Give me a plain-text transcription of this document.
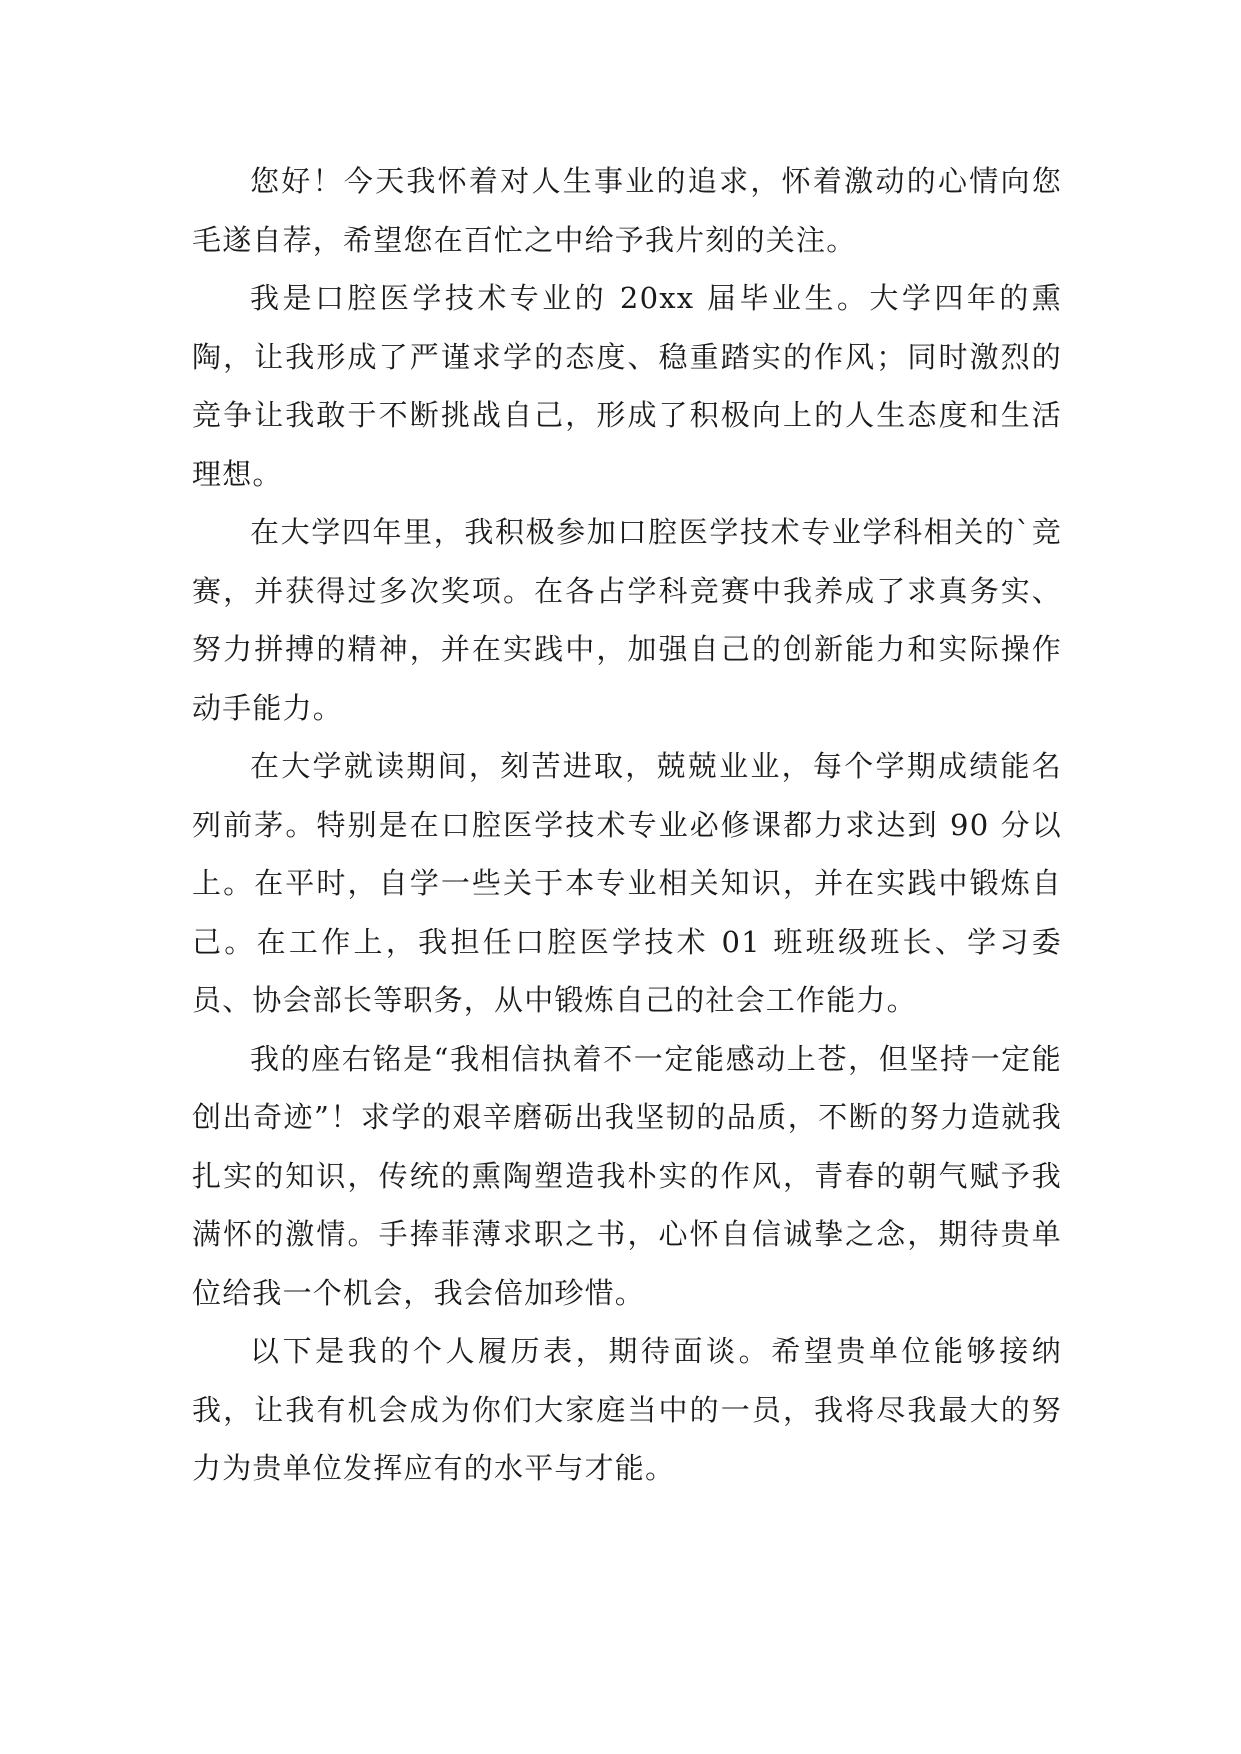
您好！今天我怀着对人生事业的追求，怀着激动的心情向您毛遂自荐，希望您在百忙之中给予我片刻的关注。

我是口腔医学技术专业的 20xx 届毕业生。大学四年的熏陶，让我形成了严谨求学的态度、稳重踏实的作风；同时激烈的竞争让我敢于不断挑战自己，形成了积极向上的人生态度和生活理想。

在大学四年里，我积极参加口腔医学技术专业学科相关的`竞赛，并获得过多次奖项。在各占学科竞赛中我养成了求真务实、努力拼搏的精神，并在实践中，加强自己的创新能力和实际操作动手能力。

在大学就读期间，刻苦进取，兢兢业业，每个学期成绩能名列前茅。特别是在口腔医学技术专业必修课都力求达到 90 分以上。在平时，自学一些关于本专业相关知识，并在实践中锻炼自己。在工作上，我担任口腔医学技术 01 班班级班长、学习委员、协会部长等职务，从中锻炼自己的社会工作能力。

我的座右铭是“我相信执着不一定能感动上苍，但坚持一定能创出奇迹”！求学的艰辛磨砺出我坚韧的品质，不断的努力造就我扎实的知识，传统的熏陶塑造我朴实的作风，青春的朝气赋予我满怀的激情。手捧菲薄求职之书，心怀自信诚挚之念，期待贵单位给我一个机会，我会倍加珍惜。

以下是我的个人履历表，期待面谈。希望贵单位能够接纳我，让我有机会成为你们大家庭当中的一员，我将尽我最大的努力为贵单位发挥应有的水平与才能。
